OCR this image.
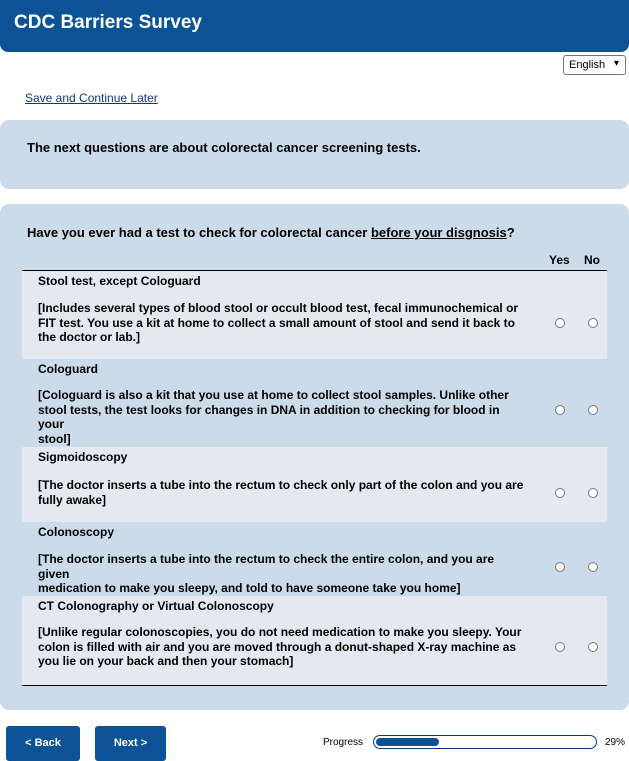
CDC Barriers Survey
English ▾
Save and Continue Later
The next questions are about colorectal cancer screening tests.
Have you ever had a test to check for colorectal cancer before your disgnosis?
Yes No
Stool test, except Cologuard
[Includes several types of blood stool or occult blood test, fecal immunochemical or
FIT test. You use a kit at home to collect a small amount of stool and send it back to
the doctor or lab.]
Cologuard
[Cologuard is also a kit that you use at home to collect stool samples. Unlike other
stool tests, the test looks for changes in DNA in addition to checking for blood in your
stool]
Sigmoidoscopy
[The doctor inserts a tube into the rectum to check only part of the colon and you are
fully awake]
Colonoscopy
[The doctor inserts a tube into the rectum to check the entire colon, and you are given
medication to make you sleepy, and told to have someone take you home]
CT Colonography or Virtual Colonoscopy
[Unlike regular colonoscopies, you do not need medication to make you sleepy. Your
colon is filled with air and you are moved through a donut-shaped X-ray machine as
you lie on your back and then your stomach]
< Back	Next >	Progress	29%
